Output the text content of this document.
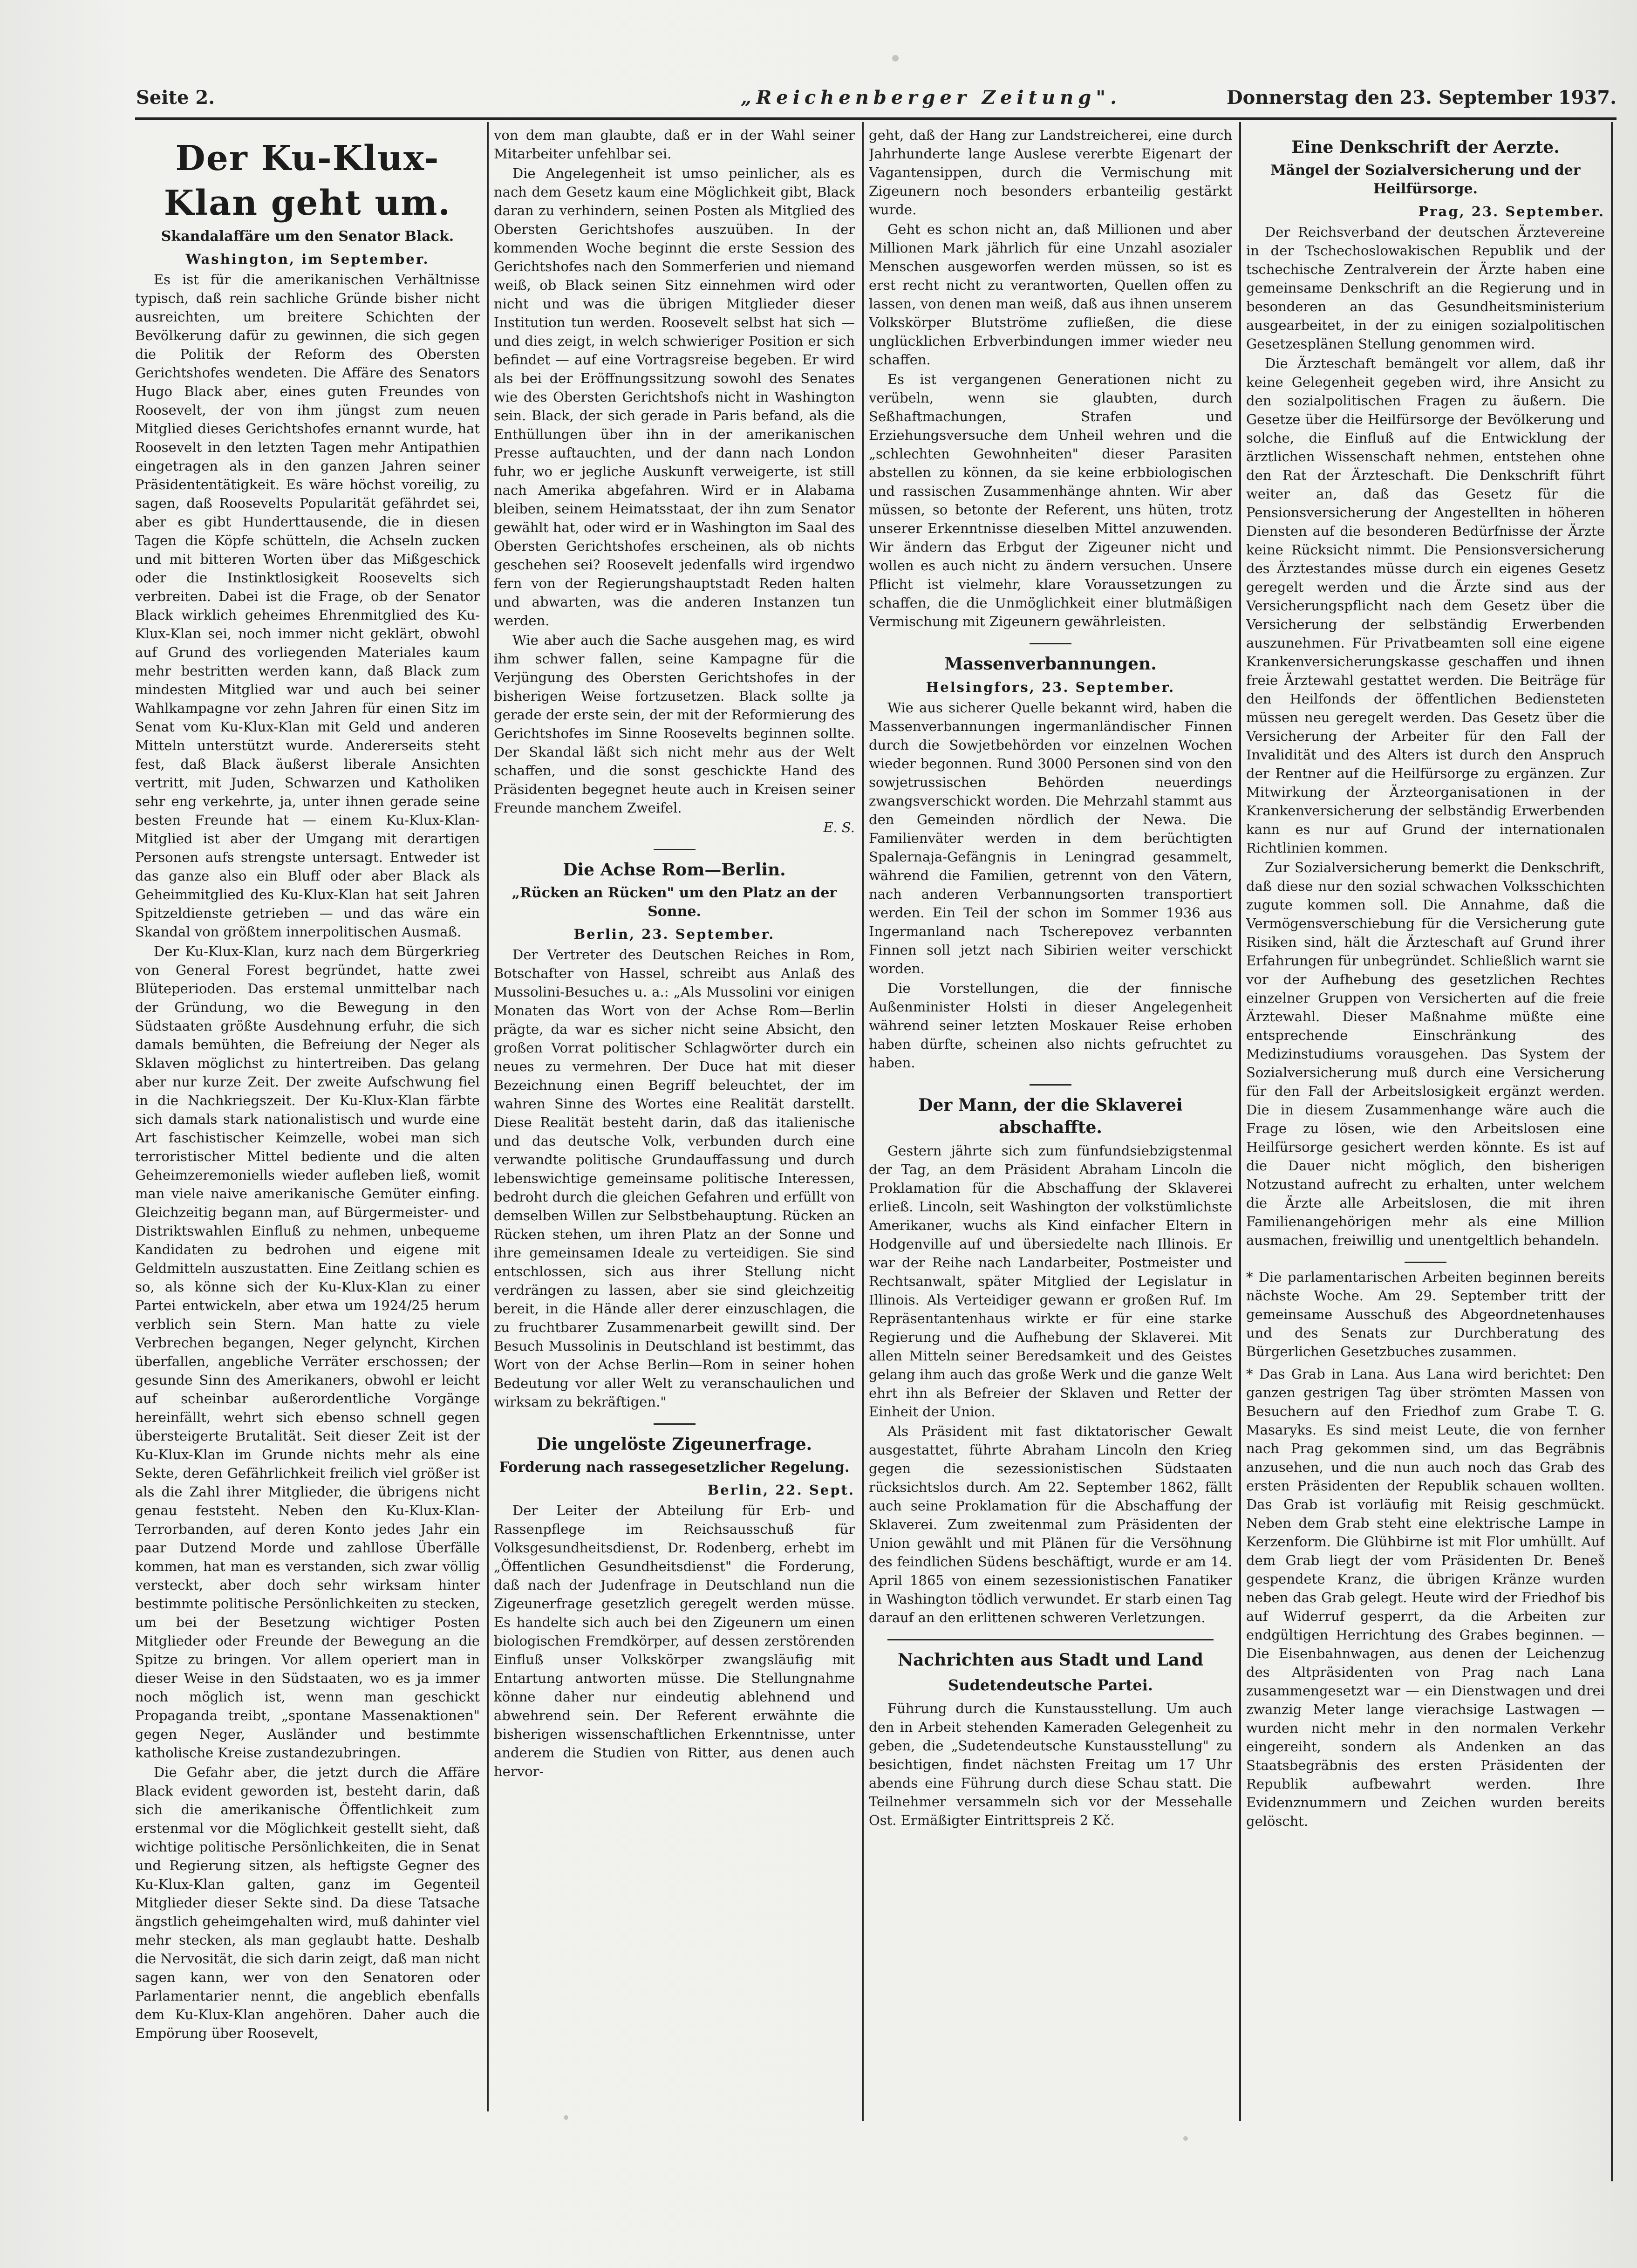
Seite 2.	„Reichenberger Zeitung".	Donnerstag den 23. September 1937.
Der Ku-Klux-Klan geht um.
Skandalaffäre um den Senator Black.
Washington, im September.

Es ist für die amerikanischen Verhältnisse typisch, daß rein sachliche Gründe bisher nicht ausreichten, um breitere Schichten der Bevölkerung dafür zu gewinnen, die sich gegen die Politik der Reform des Obersten Gerichtshofes wendeten. Die Affäre des Senators Hugo Black aber, eines guten Freundes von Roosevelt, der von ihm jüngst zum neuen Mitglied dieses Gerichtshofes ernannt wurde, hat Roosevelt in den letzten Tagen mehr Antipathien eingetragen als in den ganzen Jahren seiner Präsidententätigkeit. Es wäre höchst voreilig, zu sagen, daß Roosevelts Popularität gefährdet sei, aber es gibt Hunderttausende, die in diesen Tagen die Köpfe schütteln, die Achseln zucken und mit bitteren Worten über das Mißgeschick oder die Instinktlosigkeit Roosevelts sich verbreiten. Dabei ist die Frage, ob der Senator Black wirklich geheimes Ehrenmitglied des Ku-Klux-Klan sei, noch immer nicht geklärt, obwohl auf Grund des vorliegenden Materiales kaum mehr bestritten werden kann, daß Black zum mindesten Mitglied war und auch bei seiner Wahlkampagne vor zehn Jahren für einen Sitz im Senat vom Ku-Klux-Klan mit Geld und anderen Mitteln unterstützt wurde. Andererseits steht fest, daß Black äußerst liberale Ansichten vertritt, mit Juden, Schwarzen und Katholiken sehr eng verkehrte, ja, unter ihnen gerade seine besten Freunde hat — einem Ku-Klux-Klan-Mitglied ist aber der Umgang mit derartigen Personen aufs strengste untersagt. Entweder ist das ganze also ein Bluff oder aber Black als Geheimmitglied des Ku-Klux-Klan hat seit Jahren Spitzeldienste getrieben — und das wäre ein Skandal von größtem innerpolitischen Ausmaß.

Der Ku-Klux-Klan, kurz nach dem Bürgerkrieg von General Forest begründet, hatte zwei Blüteperioden. Das erstemal unmittelbar nach der Gründung, wo die Bewegung in den Südstaaten größte Ausdehnung erfuhr, die sich damals bemühten, die Befreiung der Neger als Sklaven möglichst zu hintertreiben. Das gelang aber nur kurze Zeit. Der zweite Aufschwung fiel in die Nachkriegszeit. Der Ku-Klux-Klan färbte sich damals stark nationalistisch und wurde eine Art faschistischer Keimzelle, wobei man sich terroristischer Mittel bediente und die alten Geheimzeremoniells wieder aufleben ließ, womit man viele naive amerikanische Gemüter einfing. Gleichzeitig begann man, auf Bürgermeister- und Distriktswahlen Einfluß zu nehmen, unbequeme Kandidaten zu bedrohen und eigene mit Geldmitteln auszustatten. Eine Zeitlang schien es so, als könne sich der Ku-Klux-Klan zu einer Partei entwickeln, aber etwa um 1924/25 herum verblich sein Stern. Man hatte zu viele Verbrechen begangen, Neger gelyncht, Kirchen überfallen, angebliche Verräter erschossen; der gesunde Sinn des Amerikaners, obwohl er leicht auf scheinbar außerordentliche Vorgänge hereinfällt, wehrt sich ebenso schnell gegen übersteigerte Brutalität. Seit dieser Zeit ist der Ku-Klux-Klan im Grunde nichts mehr als eine Sekte, deren Gefährlichkeit freilich viel größer ist als die Zahl ihrer Mitglieder, die übrigens nicht genau feststeht. Neben den Ku-Klux-Klan-Terrorbanden, auf deren Konto jedes Jahr ein paar Dutzend Morde und zahllose Überfälle kommen, hat man es verstanden, sich zwar völlig versteckt, aber doch sehr wirksam hinter bestimmte politische Persönlichkeiten zu stecken, um bei der Besetzung wichtiger Posten Mitglieder oder Freunde der Bewegung an die Spitze zu bringen. Vor allem operiert man in dieser Weise in den Südstaaten, wo es ja immer noch möglich ist, wenn man geschickt Propaganda treibt, „spontane Massenaktionen" gegen Neger, Ausländer und bestimmte katholische Kreise zustandezubringen.

Die Gefahr aber, die jetzt durch die Affäre Black evident geworden ist, besteht darin, daß sich die amerikanische Öffentlichkeit zum erstenmal vor die Möglichkeit gestellt sieht, daß wichtige politische Persönlichkeiten, die in Senat und Regierung sitzen, als heftigste Gegner des Ku-Klux-Klan galten, ganz im Gegenteil Mitglieder dieser Sekte sind. Da diese Tatsache ängstlich geheimgehalten wird, muß dahinter viel mehr stecken, als man geglaubt hatte. Deshalb die Nervosität, die sich darin zeigt, daß man nicht sagen kann, wer von den Senatoren oder Parlamentarier nennt, die angeblich ebenfalls dem Ku-Klux-Klan angehören. Daher auch die Empörung über Roosevelt,

von dem man glaubte, daß er in der Wahl seiner Mitarbeiter unfehlbar sei.

Die Angelegenheit ist umso peinlicher, als es nach dem Gesetz kaum eine Möglichkeit gibt, Black daran zu verhindern, seinen Posten als Mitglied des Obersten Gerichtshofes auszuüben. In der kommenden Woche beginnt die erste Session des Gerichtshofes nach den Sommerferien und niemand weiß, ob Black seinen Sitz einnehmen wird oder nicht und was die übrigen Mitglieder dieser Institution tun werden. Roosevelt selbst hat sich — und dies zeigt, in welch schwieriger Position er sich befindet — auf eine Vortragsreise begeben. Er wird als bei der Eröffnungssitzung sowohl des Senates wie des Obersten Gerichtshofs nicht in Washington sein. Black, der sich gerade in Paris befand, als die Enthüllungen über ihn in der amerikanischen Presse auftauchten, und der dann nach London fuhr, wo er jegliche Auskunft verweigerte, ist still nach Amerika abgefahren. Wird er in Alabama bleiben, seinem Heimatsstaat, der ihn zum Senator gewählt hat, oder wird er in Washington im Saal des Obersten Gerichtshofes erscheinen, als ob nichts geschehen sei? Roosevelt jedenfalls wird irgendwo fern von der Regierungshauptstadt Reden halten und abwarten, was die anderen Instanzen tun werden.

Wie aber auch die Sache ausgehen mag, es wird ihm schwer fallen, seine Kampagne für die Verjüngung des Obersten Gerichtshofes in der bisherigen Weise fortzusetzen. Black sollte ja gerade der erste sein, der mit der Reformierung des Gerichtshofes im Sinne Roosevelts beginnen sollte. Der Skandal läßt sich nicht mehr aus der Welt schaffen, und die sonst geschickte Hand des Präsidenten begegnet heute auch in Kreisen seiner Freunde manchem Zweifel.

E. S.

Die Achse Rom—Berlin.
„Rücken an Rücken" um den Platz an der Sonne.
Berlin, 23. September.

Der Vertreter des Deutschen Reiches in Rom, Botschafter von Hassel, schreibt aus Anlaß des Mussolini-Besuches u. a.: „Als Mussolini vor einigen Monaten das Wort von der Achse Rom—Berlin prägte, da war es sicher nicht seine Absicht, den großen Vorrat politischer Schlagwörter durch ein neues zu vermehren. Der Duce hat mit dieser Bezeichnung einen Begriff beleuchtet, der im wahren Sinne des Wortes eine Realität darstellt. Diese Realität besteht darin, daß das italienische und das deutsche Volk, verbunden durch eine verwandte politische Grundauffassung und durch lebenswichtige gemeinsame politische Interessen, bedroht durch die gleichen Gefahren und erfüllt von demselben Willen zur Selbstbehauptung. Rücken an Rücken stehen, um ihren Platz an der Sonne und ihre gemeinsamen Ideale zu verteidigen. Sie sind entschlossen, sich aus ihrer Stellung nicht verdrängen zu lassen, aber sie sind gleichzeitig bereit, in die Hände aller derer einzuschlagen, die zu fruchtbarer Zusammenarbeit gewillt sind. Der Besuch Mussolinis in Deutschland ist bestimmt, das Wort von der Achse Berlin—Rom in seiner hohen Bedeutung vor aller Welt zu veranschaulichen und wirksam zu bekräftigen."

Die ungelöste Zigeunerfrage.
Forderung nach rassegesetzlicher Regelung.
Berlin, 22. Sept.

Der Leiter der Abteilung für Erb- und Rassenpflege im Reichsausschuß für Volksgesundheitsdienst, Dr. Rodenberg, erhebt im „Öffentlichen Gesundheitsdienst" die Forderung, daß nach der Judenfrage in Deutschland nun die Zigeunerfrage gesetzlich geregelt werden müsse. Es handelte sich auch bei den Zigeunern um einen biologischen Fremdkörper, auf dessen zerstörenden Einfluß unser Volkskörper zwangsläufig mit Entartung antworten müsse. Die Stellungnahme könne daher nur eindeutig ablehnend und abwehrend sein. Der Referent erwähnte die bisherigen wissenschaftlichen Erkenntnisse, unter anderem die Studien von Ritter, aus denen auch hervor-

geht, daß der Hang zur Landstreicherei, eine durch Jahrhunderte lange Auslese vererbte Eigenart der Vagantensippen, durch die Vermischung mit Zigeunern noch besonders erbanteilig gestärkt wurde.

Geht es schon nicht an, daß Millionen und aber Millionen Mark jährlich für eine Unzahl asozialer Menschen ausgeworfen werden müssen, so ist es erst recht nicht zu verantworten, Quellen offen zu lassen, von denen man weiß, daß aus ihnen unserem Volkskörper Blutströme zufließen, die diese unglücklichen Erbverbindungen immer wieder neu schaffen.

Es ist vergangenen Generationen nicht zu verübeln, wenn sie glaubten, durch Seßhaftmachungen, Strafen und Erziehungsversuche dem Unheil wehren und die „schlechten Gewohnheiten" dieser Parasiten abstellen zu können, da sie keine erbbiologischen und rassischen Zusammenhänge ahnten. Wir aber müssen, so betonte der Referent, uns hüten, trotz unserer Erkenntnisse dieselben Mittel anzuwenden. Wir ändern das Erbgut der Zigeuner nicht und wollen es auch nicht zu ändern versuchen. Unsere Pflicht ist vielmehr, klare Voraussetzungen zu schaffen, die die Unmöglichkeit einer blutmäßigen Vermischung mit Zigeunern gewährleisten.

Massenverbannungen.
Helsingfors, 23. September.

Wie aus sicherer Quelle bekannt wird, haben die Massenverbannungen ingermanländischer Finnen durch die Sowjetbehörden vor einzelnen Wochen wieder begonnen. Rund 3000 Personen sind von den sowjetrussischen Behörden neuerdings zwangsverschickt worden. Die Mehrzahl stammt aus den Gemeinden nördlich der Newa. Die Familienväter werden in dem berüchtigten Spalernaja-Gefängnis in Leningrad gesammelt, während die Familien, getrennt von den Vätern, nach anderen Verbannungsorten transportiert werden. Ein Teil der schon im Sommer 1936 aus Ingermanland nach Tscherepovez verbannten Finnen soll jetzt nach Sibirien weiter verschickt worden.

Die Vorstellungen, die der finnische Außenminister Holsti in dieser Angelegenheit während seiner letzten Moskauer Reise erhoben haben dürfte, scheinen also nichts gefruchtet zu haben.

Der Mann, der die Sklaverei abschaffte.

Gestern jährte sich zum fünfundsiebzigstenmal der Tag, an dem Präsident Abraham Lincoln die Proklamation für die Abschaffung der Sklaverei erließ. Lincoln, seit Washington der volkstümlichste Amerikaner, wuchs als Kind einfacher Eltern in Hodgenville auf und übersiedelte nach Illinois. Er war der Reihe nach Landarbeiter, Postmeister und Rechtsanwalt, später Mitglied der Legislatur in Illinois. Als Verteidiger gewann er großen Ruf. Im Repräsentantenhaus wirkte er für eine starke Regierung und die Aufhebung der Sklaverei. Mit allen Mitteln seiner Beredsamkeit und des Geistes gelang ihm auch das große Werk und die ganze Welt ehrt ihn als Befreier der Sklaven und Retter der Einheit der Union.

Als Präsident mit fast diktatorischer Gewalt ausgestattet, führte Abraham Lincoln den Krieg gegen die sezessionistischen Südstaaten rücksichtslos durch. Am 22. September 1862, fällt auch seine Proklamation für die Abschaffung der Sklaverei. Zum zweitenmal zum Präsidenten der Union gewählt und mit Plänen für die Versöhnung des feindlichen Südens beschäftigt, wurde er am 14. April 1865 von einem sezessionistischen Fanatiker in Washington tödlich verwundet. Er starb einen Tag darauf an den erlittenen schweren Verletzungen.

Nachrichten aus Stadt und Land
Sudetendeutsche Partei.

Führung durch die Kunstausstellung. Um auch den in Arbeit stehenden Kameraden Gelegenheit zu geben, die „Sudetendeutsche Kunstausstellung" zu besichtigen, findet nächsten Freitag um 17 Uhr abends eine Führung durch diese Schau statt. Die Teilnehmer versammeln sich vor der Messehalle Ost. Ermäßigter Eintrittspreis 2 Kč.

Eine Denkschrift der Aerzte.
Mängel der Sozialversicherung und der Heilfürsorge.
Prag, 23. September.

Der Reichsverband der deutschen Ärztevereine in der Tschechoslowakischen Republik und der tschechische Zentralverein der Ärzte haben eine gemeinsame Denkschrift an die Regierung und in besonderen an das Gesundheitsministerium ausgearbeitet, in der zu einigen sozialpolitischen Gesetzesplänen Stellung genommen wird.

Die Ärzteschaft bemängelt vor allem, daß ihr keine Gelegenheit gegeben wird, ihre Ansicht zu den sozialpolitischen Fragen zu äußern. Die Gesetze über die Heilfürsorge der Bevölkerung und solche, die Einfluß auf die Entwicklung der ärztlichen Wissenschaft nehmen, entstehen ohne den Rat der Ärzteschaft. Die Denkschrift führt weiter an, daß das Gesetz für die Pensionsversicherung der Angestellten in höheren Diensten auf die besonderen Bedürfnisse der Ärzte keine Rücksicht nimmt. Die Pensionsversicherung des Ärztestandes müsse durch ein eigenes Gesetz geregelt werden und die Ärzte sind aus der Versicherungspflicht nach dem Gesetz über die Versicherung der selbständig Erwerbenden auszunehmen. Für Privatbeamten soll eine eigene Krankenversicherungskasse geschaffen und ihnen freie Ärztewahl gestattet werden. Die Beiträge für den Heilfonds der öffentlichen Bediensteten müssen neu geregelt werden. Das Gesetz über die Versicherung der Arbeiter für den Fall der Invalidität und des Alters ist durch den Anspruch der Rentner auf die Heilfürsorge zu ergänzen. Zur Mitwirkung der Ärzteorganisationen in der Krankenversicherung der selbständig Erwerbenden kann es nur auf Grund der internationalen Richtlinien kommen.

Zur Sozialversicherung bemerkt die Denkschrift, daß diese nur den sozial schwachen Volksschichten zugute kommen soll. Die Annahme, daß die Vermögensverschiebung für die Versicherung gute Risiken sind, hält die Ärzteschaft auf Grund ihrer Erfahrungen für unbegründet. Schließlich warnt sie vor der Aufhebung des gesetzlichen Rechtes einzelner Gruppen von Versicherten auf die freie Ärztewahl. Dieser Maßnahme müßte eine entsprechende Einschränkung des Medizinstudiums vorausgehen. Das System der Sozialversicherung muß durch eine Versicherung für den Fall der Arbeitslosigkeit ergänzt werden. Die in diesem Zusammenhange wäre auch die Frage zu lösen, wie den Arbeitslosen eine Heilfürsorge gesichert werden könnte. Es ist auf die Dauer nicht möglich, den bisherigen Notzustand aufrecht zu erhalten, unter welchem die Ärzte alle Arbeitslosen, die mit ihren Familienangehörigen mehr als eine Million ausmachen, freiwillig und unentgeltlich behandeln.

* Die parlamentarischen Arbeiten beginnen bereits nächste Woche. Am 29. September tritt der gemeinsame Ausschuß des Abgeordnetenhauses und des Senats zur Durchberatung des Bürgerlichen Gesetzbuches zusammen.

* Das Grab in Lana. Aus Lana wird berichtet: Den ganzen gestrigen Tag über strömten Massen von Besuchern auf den Friedhof zum Grabe T. G. Masaryks. Es sind meist Leute, die von fernher nach Prag gekommen sind, um das Begräbnis anzusehen, und die nun auch noch das Grab des ersten Präsidenten der Republik schauen wollten. Das Grab ist vorläufig mit Reisig geschmückt. Neben dem Grab steht eine elektrische Lampe in Kerzenform. Die Glühbirne ist mit Flor umhüllt. Auf dem Grab liegt der vom Präsidenten Dr. Beneš gespendete Kranz, die übrigen Kränze wurden neben das Grab gelegt. Heute wird der Friedhof bis auf Widerruf gesperrt, da die Arbeiten zur endgültigen Herrichtung des Grabes beginnen. — Die Eisenbahnwagen, aus denen der Leichenzug des Altpräsidenten von Prag nach Lana zusammengesetzt war — ein Dienstwagen und drei zwanzig Meter lange vierachsige Lastwagen — wurden nicht mehr in den normalen Verkehr eingereiht, sondern als Andenken an das Staatsbegräbnis des ersten Präsidenten der Republik aufbewahrt werden. Ihre Evidenznummern und Zeichen wurden bereits gelöscht.
